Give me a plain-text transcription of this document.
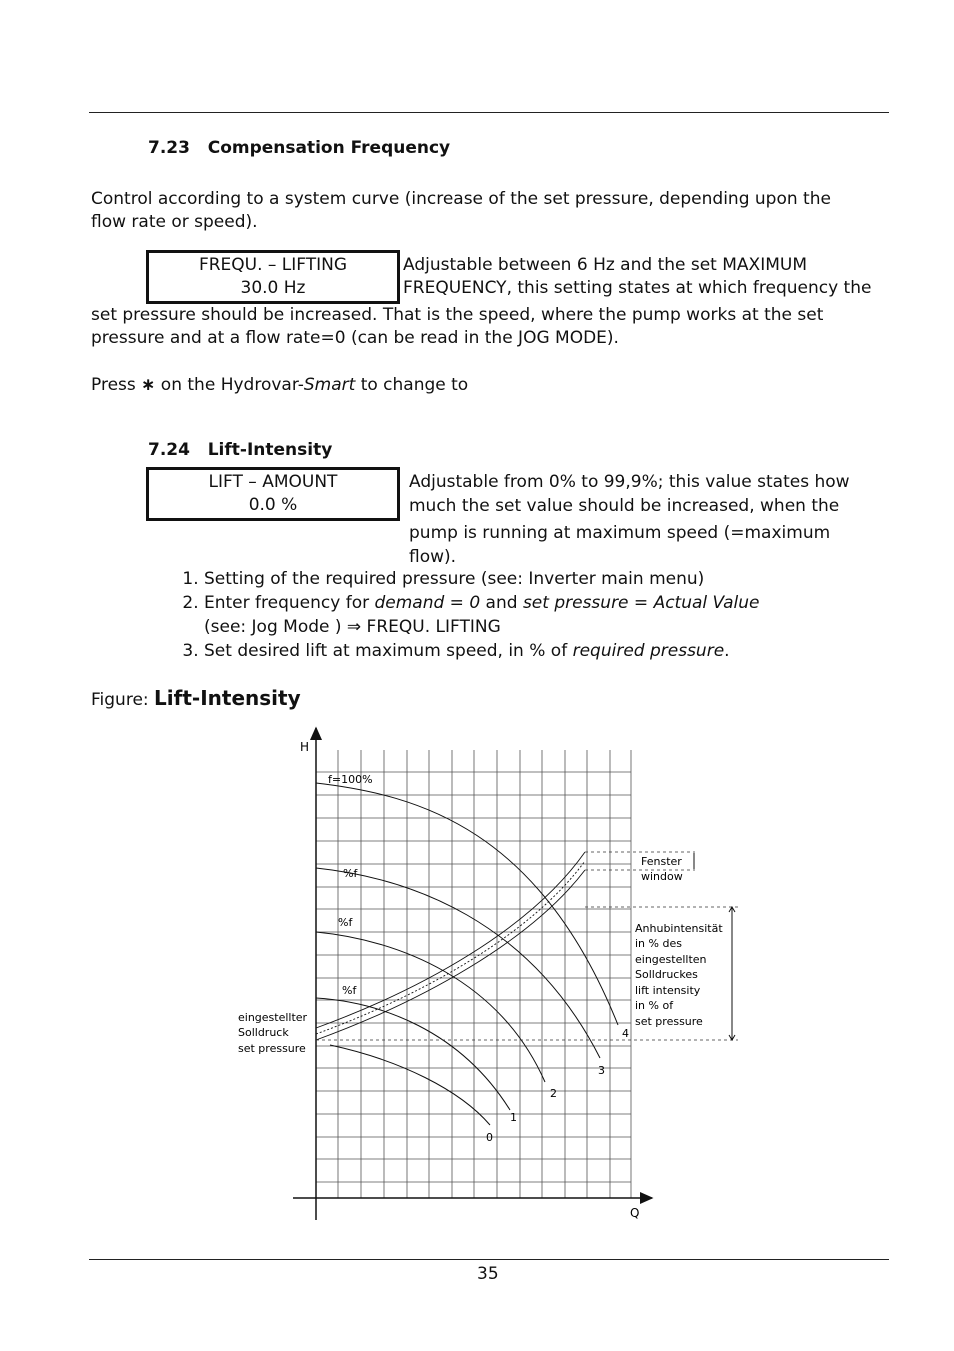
7.23 Compensation Frequency
Control according to a system curve (increase of the set pressure, depending upon the
flow rate or speed).
FREQU. – LIFTING
30.0 Hz
Adjustable between 6 Hz and the set MAXIMUM
FREQUENCY, this setting states at which frequency the
set pressure should be increased. That is the speed, where the pump works at the set
pressure and at a flow rate=0 (can be read in the JOG MODE).
Press ∗ on the Hydrovar-Smart to change to
7.24 Lift-Intensity
LIFT – AMOUNT
0.0 %
Adjustable from 0% to 99,9%; this value states how
much the set value should be increased, when the
pump is running at maximum speed (=maximum
flow).
1. Setting of the required pressure (see: Inverter main menu)
2. Enter frequency for demand = 0 and set pressure = Actual Value
(see: Jog Mode ) ⇒ FREQU. LIFTING
3. Set desired lift at maximum speed, in % of required pressure.
Figure: Lift-Intensity
H
Q
f=100%
%f
%f
%f
Fenster
window
Anhubintensität
in % des
eingestellten
Solldruckes
lift intensity
in % of
set pressure
eingestellter
Solldruck
set pressure
0
1
2
3
4
35
